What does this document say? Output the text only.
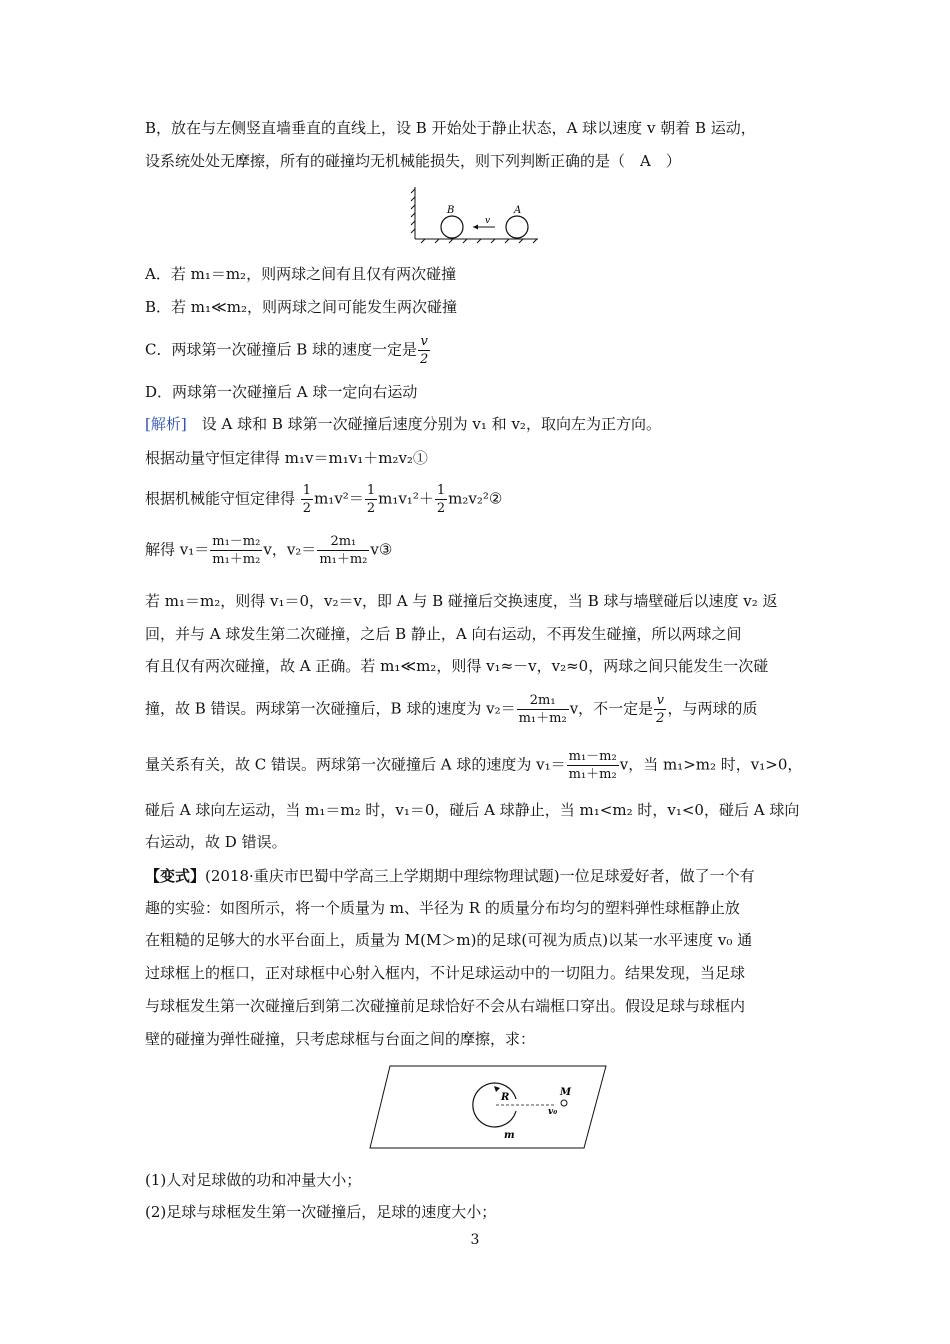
B，放在与左侧竖直墙垂直的直线上，设 B 开始处于静止状态，A 球以速度 v 朝着 B 运动，
设系统处处无摩擦，所有的碰撞均无机械能损失，则下列判断正确的是（　A　）
B	A
v
A．若 m₁＝m₂，则两球之间有且仅有两次碰撞
B．若 m₁≪m₂，则两球之间可能发生两次碰撞
C．两球第一次碰撞后 B 球的速度一定是 $\frac{v}{2}$
D．两球第一次碰撞后 A 球一定向右运动
[解析]　 设 A 球和 B 球第一次碰撞后速度分别为 v₁ 和 v₂，取向左为正方向。
根据动量守恒定律得 m₁v＝m₁v₁＋m₂v₂①
根据机械能守恒定律得 $\frac{1}{2} m_1v^2= \frac{1}{2} m_1v_1^2+ \frac{1}{2}$ m₂v₂²②
解得 $v_1= \frac{\text{m₁－m₂}}{\text{m₁＋m₂}}$ v，$v_2= \frac{\text{2m₁}}{\text{m₁＋m₂}}$ v③
若 m₁＝m₂，则得 v₁＝0，v₂＝v，即 A 与 B 碰撞后交换速度，当 B 球与墙壁碰后以速度 v₂ 返
回，并与 A 球发生第二次碰撞，之后 B 静止，A 向右运动，不再发生碰撞，所以两球之间
有且仅有两次碰撞，故 A 正确。若 m₁≪m₂，则得 v₁≈－v，v₂≈0，两球之间只能发生一次碰
撞，故 B 错误。两球第一次碰撞后，B 球的速度为 $v_2= \frac{\text{2m₁}}{\text{m₁＋m₂}}$ v，不一定是 $\frac{v}{2}$ ，与两球的质
量关系有关，故 C 错误。两球第一次碰撞后 A 球的速度为 $v_1= \frac{\text{m₁－m₂}}{\text{m₁＋m₂}}$ v，当 m₁>m₂ 时，v₁>0，
碰后 A 球向左运动，当 m₁＝m₂ 时，v₁＝0，碰后 A 球静止，当 m₁<m₂ 时，v₁<0，碰后 A 球向
右运动，故 D 错误。
【变式】(2018·重庆市巴蜀中学高三上学期期中理综物理试题)一位足球爱好者，做了一个有
趣的实验：如图所示，将一个质量为 m、半径为 R 的质量分布均匀的塑料弹性球框静止放
在粗糙的足够大的水平台面上，质量为 M(M＞m)的足球(可视为质点)以某一水平速度 v₀ 通
过球框上的框口，正对球框中心射入框内，不计足球运动中的一切阻力。结果发现，当足球
与球框发生第一次碰撞后到第二次碰撞前足球恰好不会从右端框口穿出。假设足球与球框内
壁的碰撞为弹性碰撞，只考虑球框与台面之间的摩擦，求：
R	M
v₀
m
(1)人对足球做的功和冲量大小；
(2)足球与球框发生第一次碰撞后，足球的速度大小；
3
